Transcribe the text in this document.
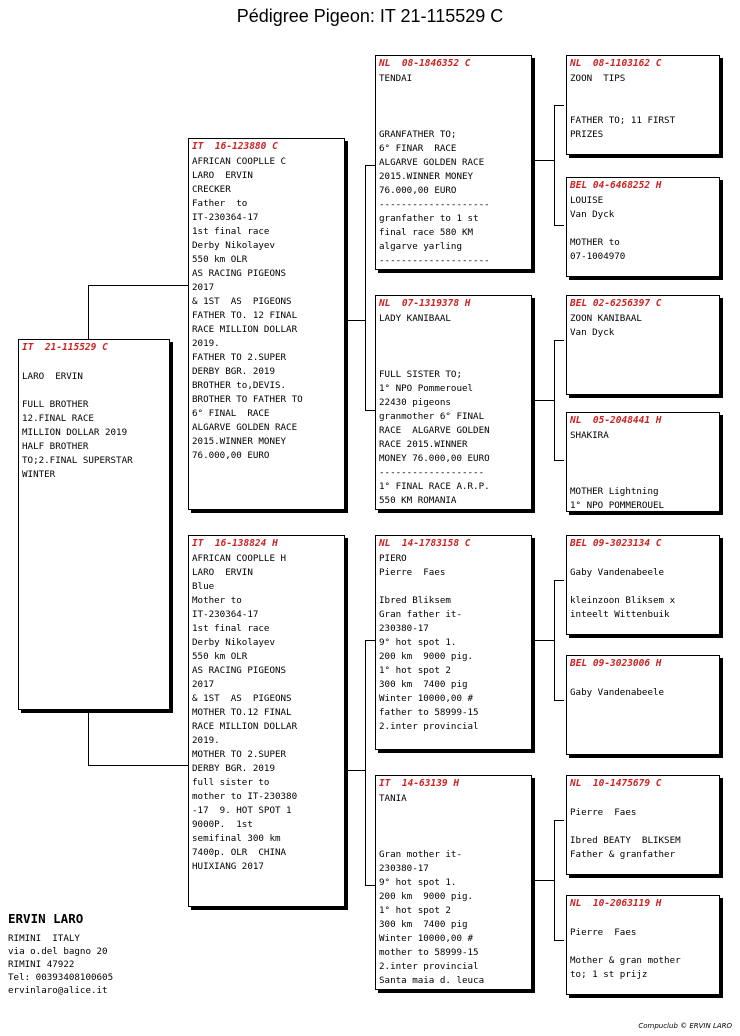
Pédigree Pigeon: IT 21-115529 C
IT  21-115529 C

LARO  ERVIN

FULL BROTHER
12.FINAL RACE
MILLION DOLLAR 2019
HALF BROTHER
TO;2.FINAL SUPERSTAR
WINTER
IT  16-123880 C
AFRICAN COOPLLE C
LARO  ERVIN
CRECKER
Father  to
IT-230364-17
1st final race
Derby Nikolayev
550 km OLR
AS RACING PIGEONS
2017
& 1ST  AS  PIGEONS
FATHER TO. 12 FINAL
RACE MILLION DOLLAR
2019.
FATHER TO 2.SUPER
DERBY BGR. 2019
BROTHER to,DEVIS.
BROTHER TO FATHER TO
6° FINAL  RACE
ALGARVE GOLDEN RACE
2015.WINNER MONEY
76.000,00 EURO
IT  16-138824 H
AFRICAN COOPLLE H
LARO  ERVIN
Blue
Mother to
IT-230364-17
1st final race
Derby Nikolayev
550 km OLR
AS RACING PIGEONS
2017
& 1ST  AS  PIGEONS
MOTHER TO.12 FINAL
RACE MILLION DOLLAR
2019.
MOTHER TO 2.SUPER
DERBY BGR. 2019
full sister to
mother to IT-230380
-17  9. HOT SPOT 1
9000P.  1st
semifinal 300 km
7400p. OLR  CHINA
HUIXIANG 2017
NL  08-1846352 C
TENDAI

GRANFATHER TO;
6° FINAR  RACE
ALGARVE GOLDEN RACE
2015.WINNER MONEY
76.000,00 EURO
--------------------
granfather to 1 st
final race 580 KM
algarve yarling
--------------------
NL  07-1319378 H
LADY KANIBAAL

FULL SISTER TO;
1° NPO Pommerouel
22430 pigeons
granmother 6° FINAL
RACE  ALGARVE GOLDEN
RACE 2015.WINNER
MONEY 76.000,00 EURO
-------------------
1° FINAL RACE A.R.P.
550 KM ROMANIA
NL  14-1783158 C
PIERO
Pierre  Faes

Ibred Bliksem
Gran father it-
230380-17
9° hot spot 1.
200 km  9000 pig.
1° hot spot 2
300 km  7400 pig
Winter 10000,00 #
father to 58999-15
2.inter provincial
IT  14-63139 H
TANIA

Gran mother it-
230380-17
9° hot spot 1.
200 km  9000 pig.
1° hot spot 2
300 km  7400 pig
Winter 10000,00 #
mother to 58999-15
2.inter provincial
Santa maia d. leuca
NL  08-1103162 C
ZOON  TIPS

FATHER TO; 11 FIRST
PRIZES
BEL 04-6468252 H
LOUISE
Van Dyck

MOTHER to
07-1004970
BEL 02-6256397 C
ZOON KANIBAAL
Van Dyck
NL  05-2048441 H
SHAKIRA

MOTHER Lightning
1° NPO POMMEROUEL
BEL 09-3023134 C

Gaby Vandenabeele

kleinzoon Bliksem x
inteelt Wittenbuik
BEL 09-3023006 H

Gaby Vandenabeele
NL  10-1475679 C

Pierre  Faes

Ibred BEATY  BLIKSEM
Father & granfather
NL  10-2063119 H

Pierre  Faes

Mother & gran mother
to; 1 st prijz
ERVIN LARO
RIMINI  ITALY
via o.del bagno 20
RIMINI 47922
Tel: 00393408100605
ervinlaro@alice.it
Compuclub © ERVIN LARO
